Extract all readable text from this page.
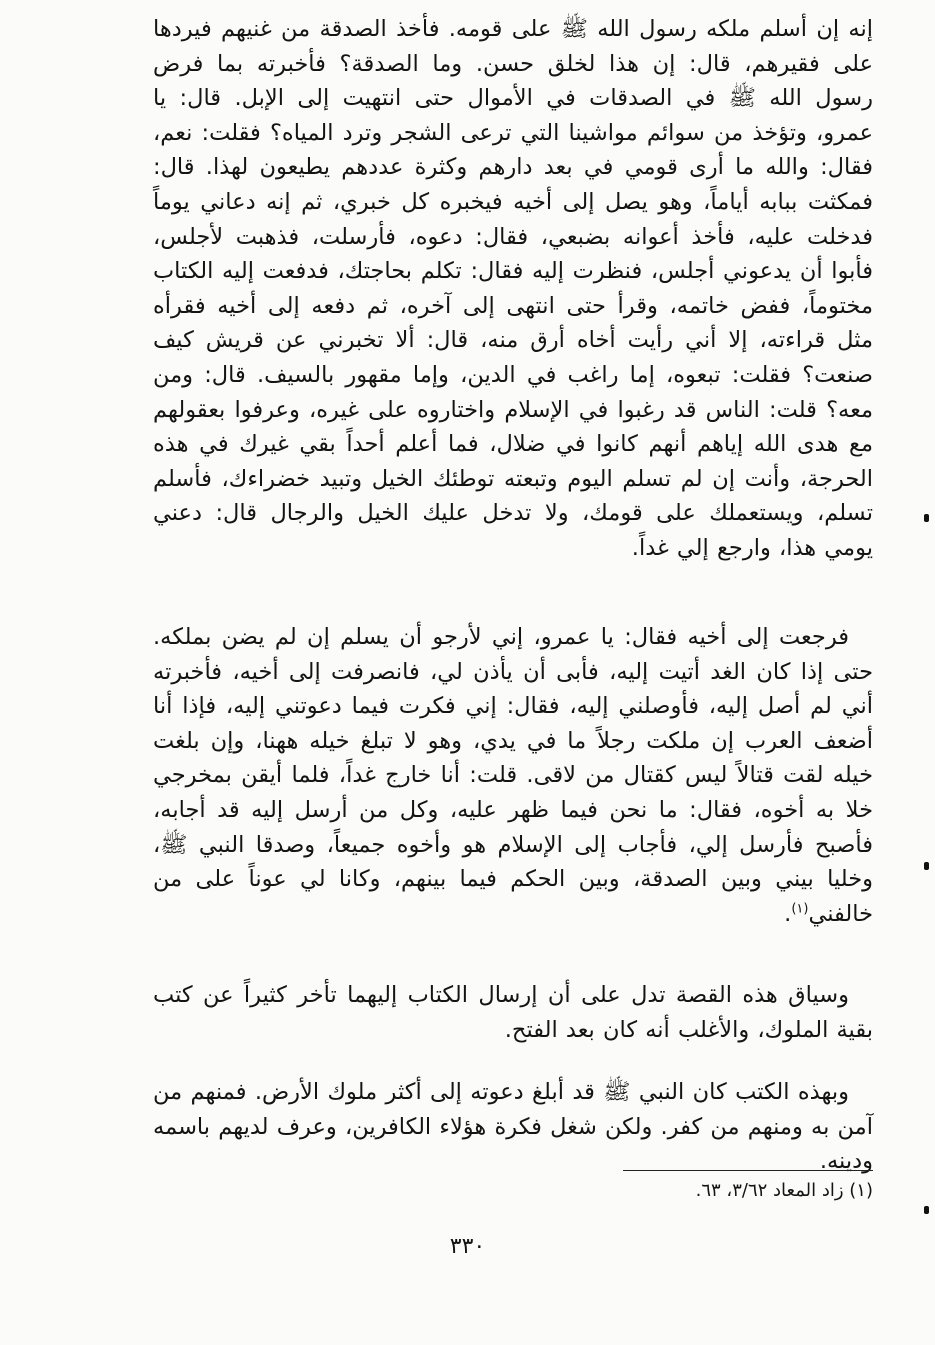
إنه إن أسلم ملكه رسول الله ﷺ على قومه. فأخذ الصدقة من غنيهم فيردها على فقيرهم، قال: إن هذا لخلق حسن. وما الصدقة؟ فأخبرته بما فرض رسول الله ﷺ في الصدقات في الأموال حتى انتهيت إلى الإبل. قال: يا عمرو، وتؤخذ من سوائم مواشينا التي ترعى الشجر وترد المياه؟ فقلت: نعم، فقال: والله ما أرى قومي في بعد دارهم وكثرة عددهم يطيعون لهذا. قال: فمكثت ببابه أياماً، وهو يصل إلى أخيه فيخبره كل خبري، ثم إنه دعاني يوماً فدخلت عليه، فأخذ أعوانه بضبعي، فقال: دعوه، فأرسلت، فذهبت لأجلس، فأبوا أن يدعوني أجلس، فنظرت إليه فقال: تكلم بحاجتك، فدفعت إليه الكتاب مختوماً، ففض خاتمه، وقرأ حتى انتهى إلى آخره، ثم دفعه إلى أخيه فقرأه مثل قراءته، إلا أني رأيت أخاه أرق منه، قال: ألا تخبرني عن قريش كيف صنعت؟ فقلت: تبعوه، إما راغب في الدين، وإما مقهور بالسيف. قال: ومن معه؟ قلت: الناس قد رغبوا في الإسلام واختاروه على غيره، وعرفوا بعقولهم مع هدى الله إياهم أنهم كانوا في ضلال، فما أعلم أحداً بقي غيرك في هذه الحرجة، وأنت إن لم تسلم اليوم وتبعته توطئك الخيل وتبيد خضراءك، فأسلم تسلم، ويستعملك على قومك، ولا تدخل عليك الخيل والرجال قال: دعني يومي هذا، وارجع إلي غداً.

فرجعت إلى أخيه فقال: يا عمرو، إني لأرجو أن يسلم إن لم يضن بملكه. حتى إذا كان الغد أتيت إليه، فأبى أن يأذن لي، فانصرفت إلى أخيه، فأخبرته أني لم أصل إليه، فأوصلني إليه، فقال: إني فكرت فيما دعوتني إليه، فإذا أنا أضعف العرب إن ملكت رجلاً ما في يدي، وهو لا تبلغ خيله ههنا، وإن بلغت خيله لقت قتالاً ليس كقتال من لاقى. قلت: أنا خارج غداً، فلما أيقن بمخرجي خلا به أخوه، فقال: ما نحن فيما ظهر عليه، وكل من أرسل إليه قد أجابه، فأصبح فأرسل إلي، فأجاب إلى الإسلام هو وأخوه جميعاً، وصدقا النبي ﷺ، وخليا بيني وبين الصدقة، وبين الحكم فيما بينهم، وكانا لي عوناً على من خالفني$^{(١)}$.

وسياق هذه القصة تدل على أن إرسال الكتاب إليهما تأخر كثيراً عن كتب بقية الملوك، والأغلب أنه كان بعد الفتح.

وبهذه الكتب كان النبي ﷺ قد أبلغ دعوته إلى أكثر ملوك الأرض. فمنهم من آمن به ومنهم من كفر. ولكن شغل فكرة هؤلاء الكافرين، وعرف لديهم باسمه ودينه.

(١) زاد المعاد ٣/٦٢، ٦٣.
٣٣٠
